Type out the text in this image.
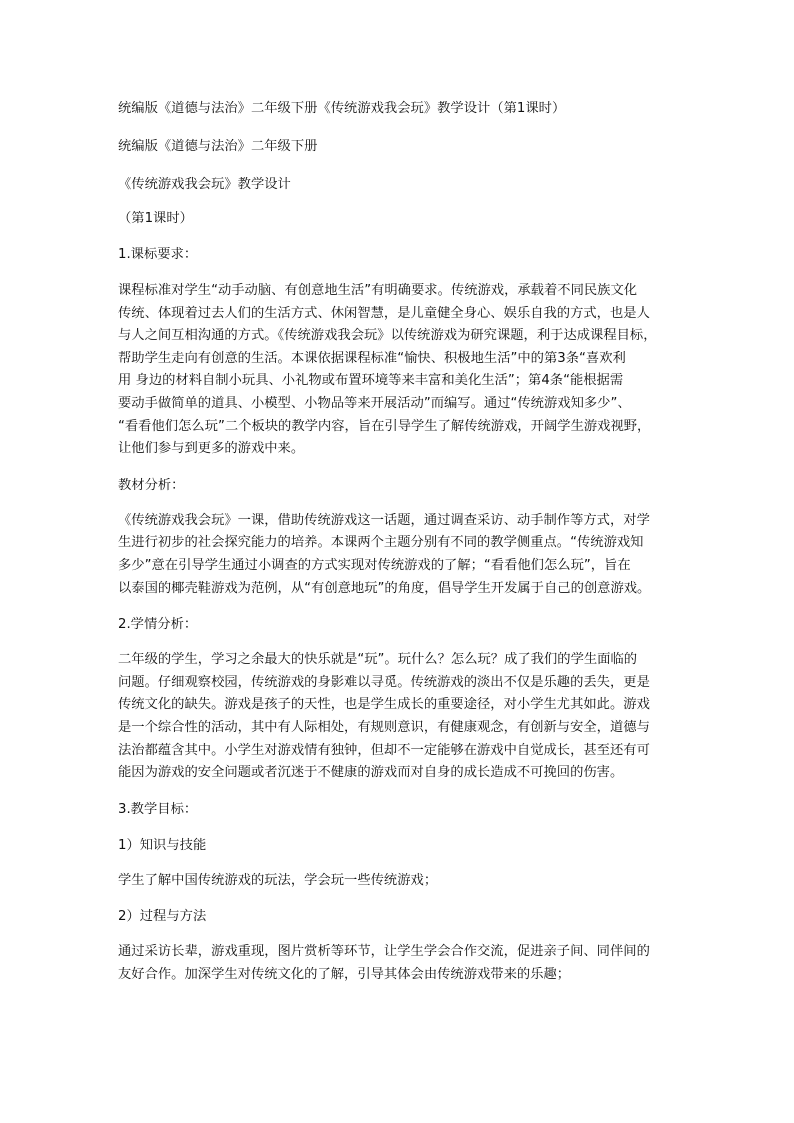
统编版《道德与法治》二年级下册《传统游戏我会玩》教学设计（第1课时）

统编版《道德与法治》二年级下册

《传统游戏我会玩》教学设计

（第1课时）

1.课标要求：

课程标准对学生“动手动脑、有创意地生活”有明确要求。传统游戏，承载着不同民族文化
传统、体现着过去人们的生活方式、休闲智慧，是儿童健全身心、娱乐自我的方式，也是人
与人之间互相沟通的方式。《传统游戏我会玩》以传统游戏为研究课题，利于达成课程目标，
帮助学生走向有创意的生活。本课依据课程标准“愉快、积极地生活”中的第3条“喜欢利
用 身边的材料自制小玩具、小礼物或布置环境等来丰富和美化生活”；第4条“能根据需
要动手做简单的道具、小模型、小物品等来开展活动”而编写。通过“传统游戏知多少”、
“看看他们怎么玩”二个板块的教学内容，旨在引导学生了解传统游戏，开阔学生游戏视野，
让他们参与到更多的游戏中来。

教材分析：

《传统游戏我会玩》一课，借助传统游戏这一话题，通过调查采访、动手制作等方式，对学
生进行初步的社会探究能力的培养。本课两个主题分别有不同的教学侧重点。“传统游戏知
多少”意在引导学生通过小调查的方式实现对传统游戏的了解；“看看他们怎么玩”，旨在
以泰国的椰壳鞋游戏为范例，从“有创意地玩”的角度，倡导学生开发属于自己的创意游戏。

2.学情分析：

二年级的学生，学习之余最大的快乐就是“玩”。玩什么？怎么玩？成了我们的学生面临的
问题。仔细观察校园，传统游戏的身影难以寻觅。传统游戏的淡出不仅是乐趣的丢失，更是
传统文化的缺失。游戏是孩子的天性，也是学生成长的重要途径，对小学生尤其如此。游戏
是一个综合性的活动，其中有人际相处，有规则意识，有健康观念，有创新与安全，道德与
法治都蕴含其中。小学生对游戏情有独钟，但却不一定能够在游戏中自觉成长，甚至还有可
能因为游戏的安全问题或者沉迷于不健康的游戏而对自身的成长造成不可挽回的伤害。

3.教学目标：

1）知识与技能

学生了解中国传统游戏的玩法，学会玩一些传统游戏；

2）过程与方法

通过采访长辈，游戏重现，图片赏析等环节，让学生学会合作交流，促进亲子间、同伴间的
友好合作。加深学生对传统文化的了解，引导其体会由传统游戏带来的乐趣；
